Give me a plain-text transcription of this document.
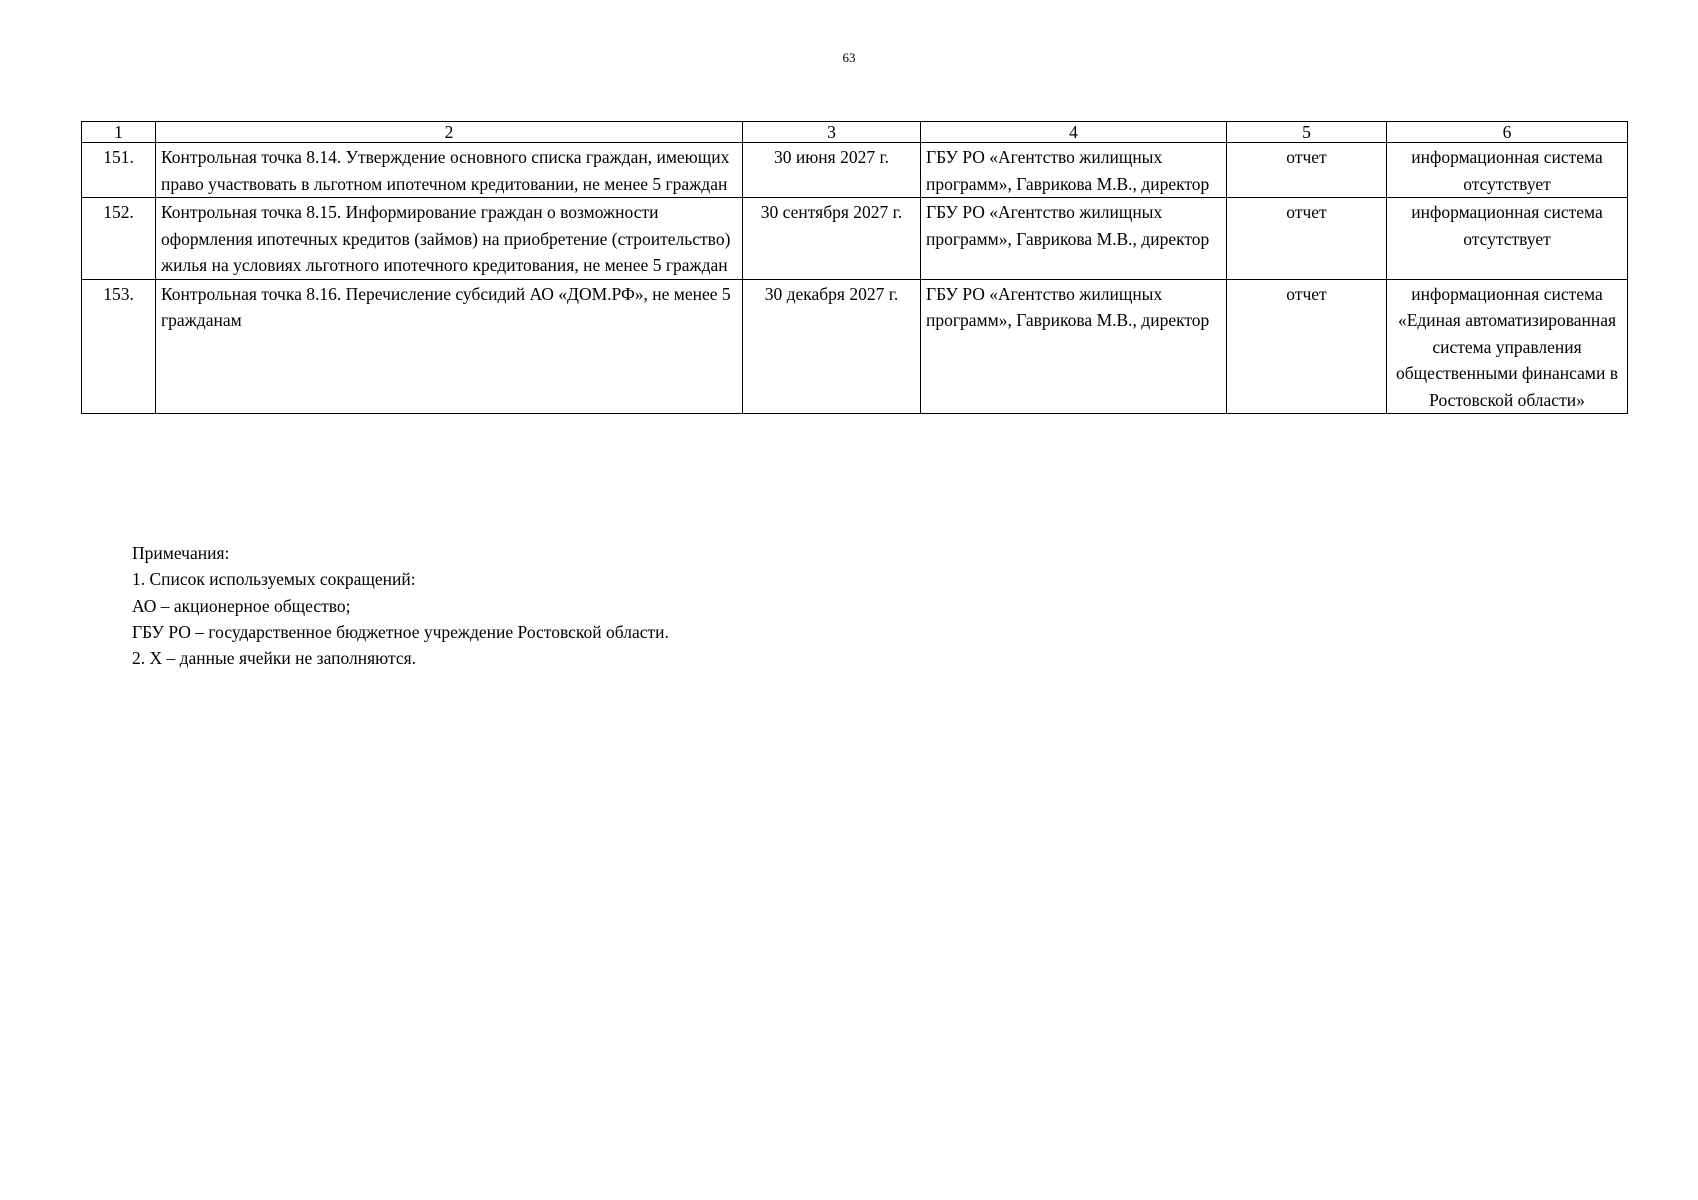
63
1	2	3	4	5	6
151.	Контрольная точка 8.14. Утверждение основного списка граждан, имеющих право участвовать в льготном ипотечном кредитовании, не менее 5 граждан	30 июня 2027 г.	ГБУ РО «Агентство жилищных программ», Гаврикова М.В., директор	отчет	информационная система отсутствует
152.	Контрольная точка 8.15. Информирование граждан о возможности оформления ипотечных кредитов (займов) на приобретение (строительство) жилья на условиях льготного ипотечного кредитования, не менее 5 граждан	30 сентября 2027 г.	ГБУ РО «Агентство жилищных программ», Гаврикова М.В., директор	отчет	информационная система отсутствует
153.	Контрольная точка 8.16. Перечисление субсидий АО «ДОМ.РФ», не менее 5 гражданам	30 декабря 2027 г.	ГБУ РО «Агентство жилищных программ», Гаврикова М.В., директор	отчет	информационная система «Единая автоматизированная система управления общественными финансами в Ростовской области»

Примечания:

1. Список используемых сокращений:

АО – акционерное общество;

ГБУ РО – государственное бюджетное учреждение Ростовской области.

2. Х – данные ячейки не заполняются.
